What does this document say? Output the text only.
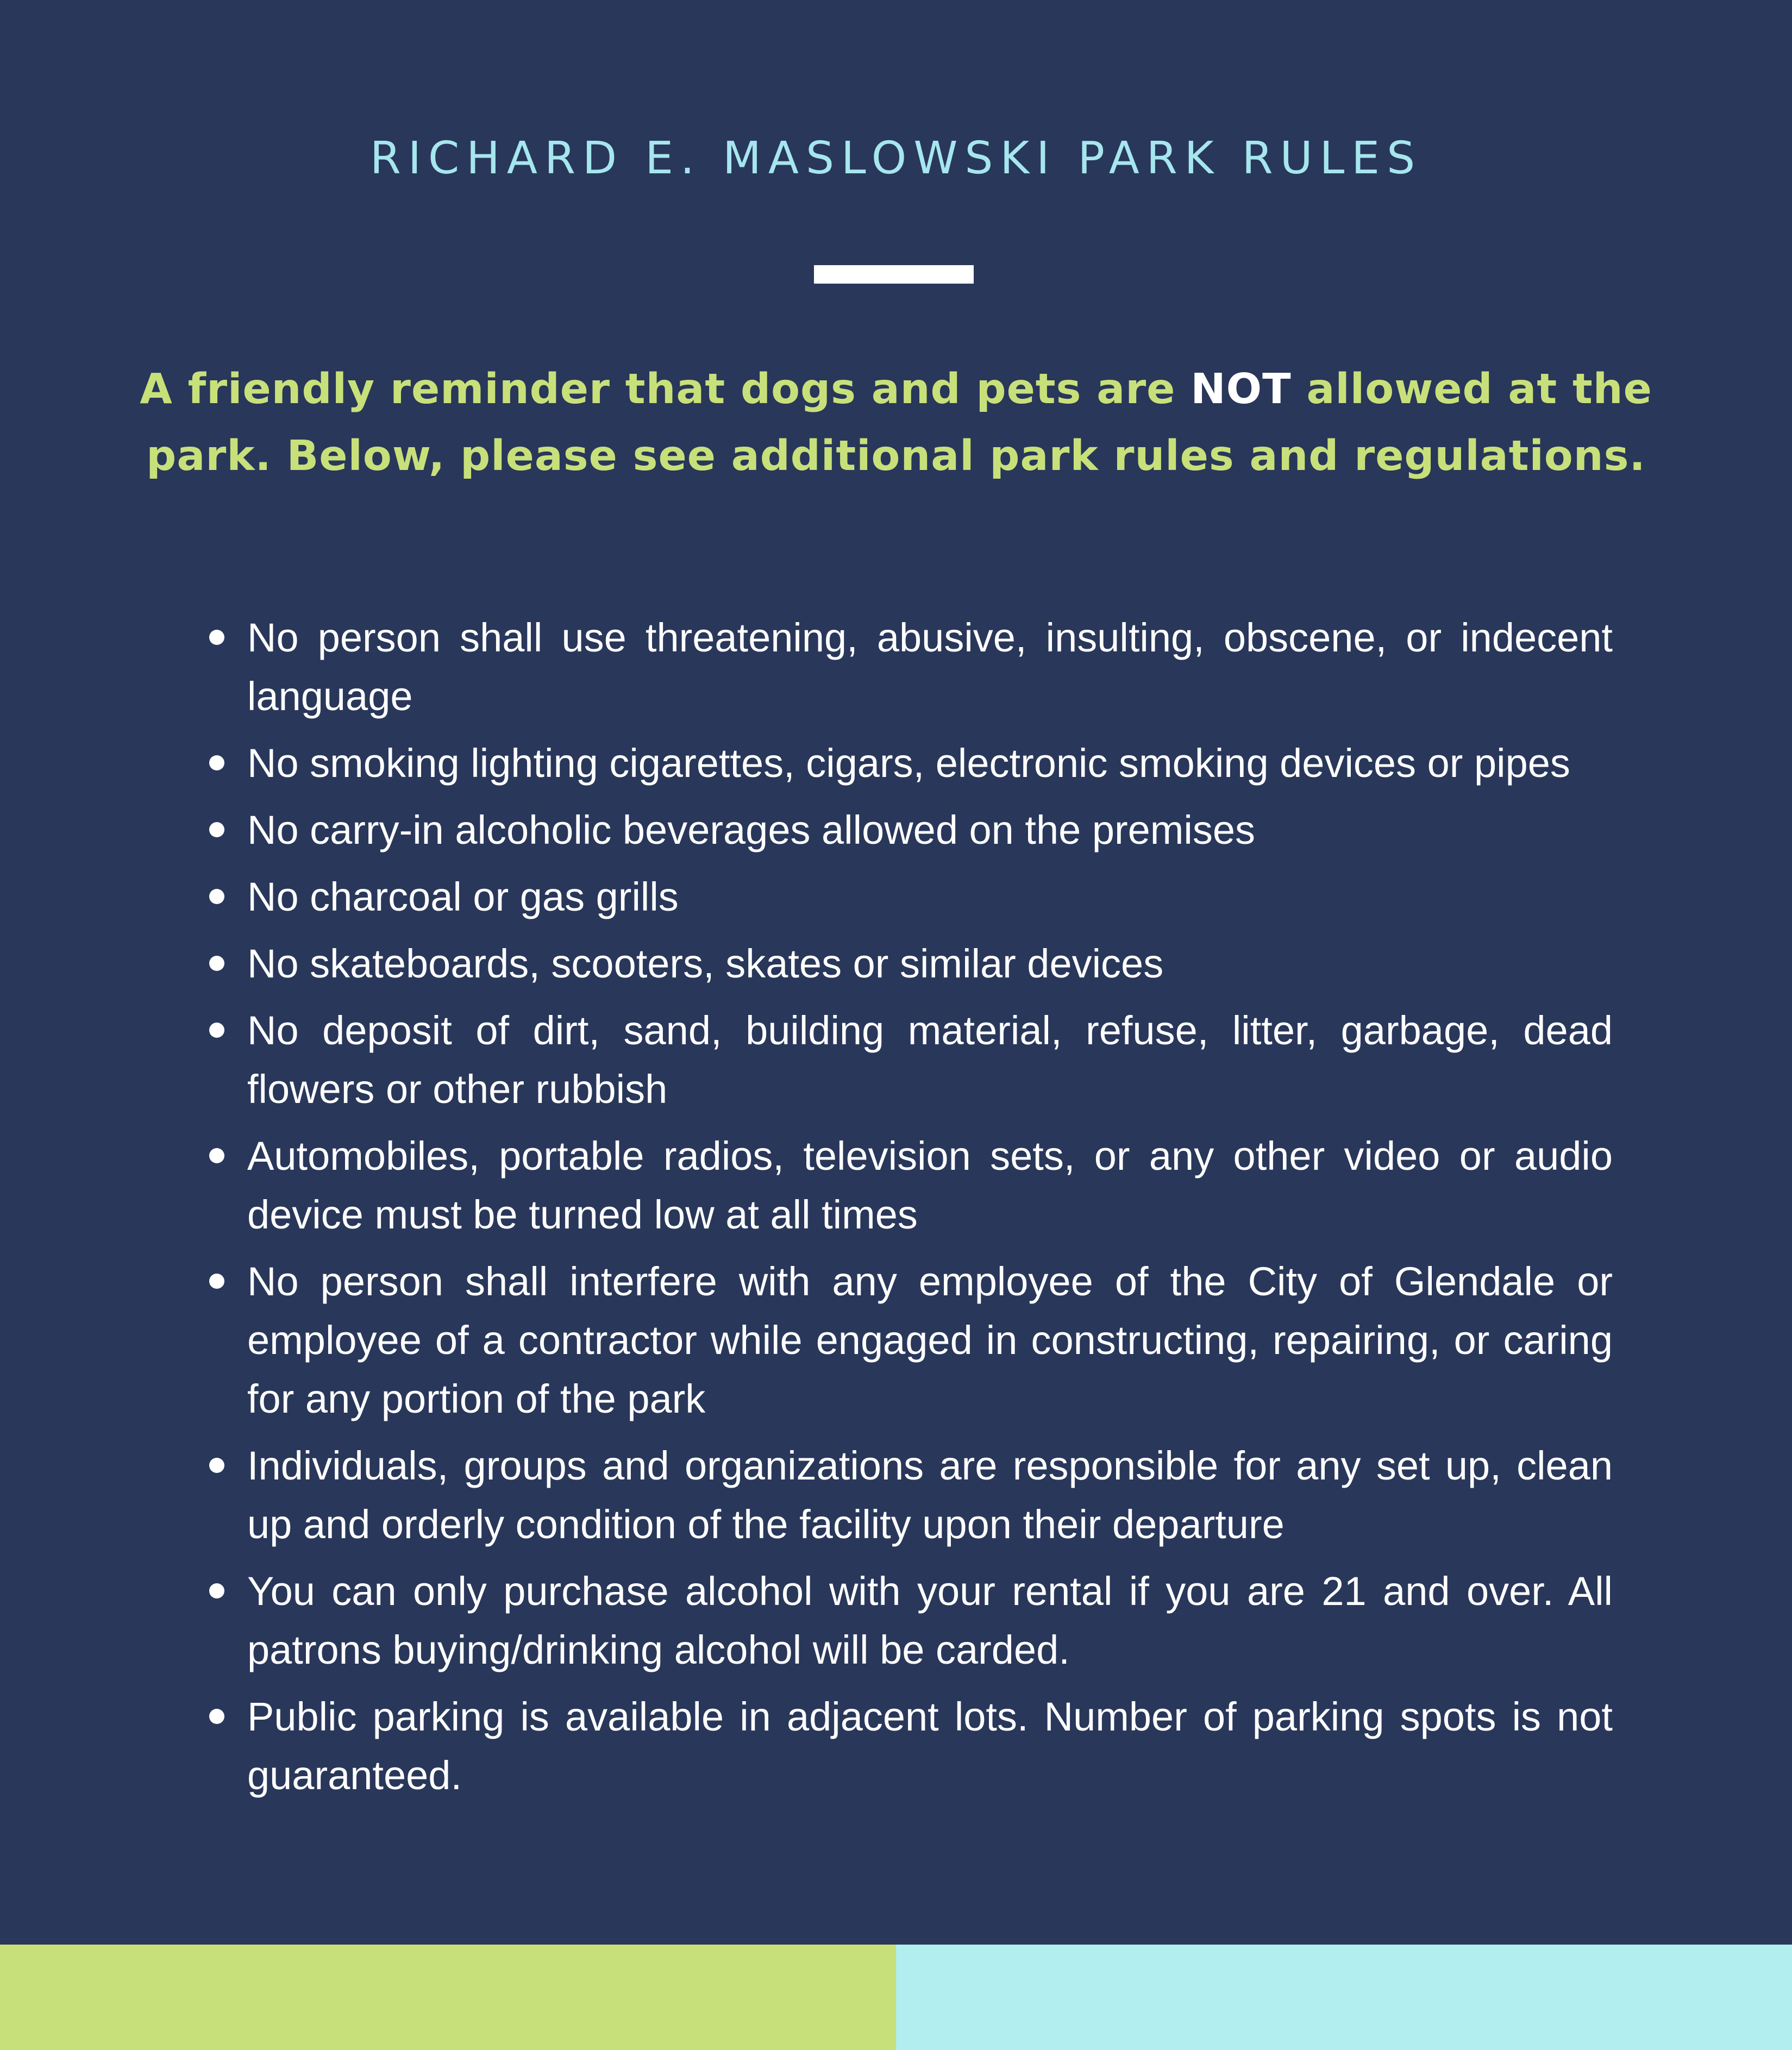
RICHARD E. MASLOWSKI PARK RULES
A friendly reminder that dogs and pets are NOT allowed at the park. Below, please see additional park rules and regulations.
No person shall use threatening, abusive, insulting, obscene, or indecent language
No smoking lighting cigarettes, cigars, electronic smoking devices or pipes
No carry-in alcoholic beverages allowed on the premises
No charcoal or gas grills
No skateboards, scooters, skates or similar devices
No deposit of dirt, sand, building material, refuse, litter, garbage, dead flowers or other rubbish
Automobiles, portable radios, television sets, or any other video or audio device must be turned low at all times
No person shall interfere with any employee of the City of Glendale or employee of a contractor while engaged in constructing, repairing, or caring for any portion of the park
Individuals, groups and organizations are responsible for any set up, clean up and orderly condition of the facility upon their departure
You can only purchase alcohol with your rental if you are 21 and over. All patrons buying/drinking alcohol will be carded.
Public parking is available in adjacent lots. Number of parking spots is not guaranteed.
